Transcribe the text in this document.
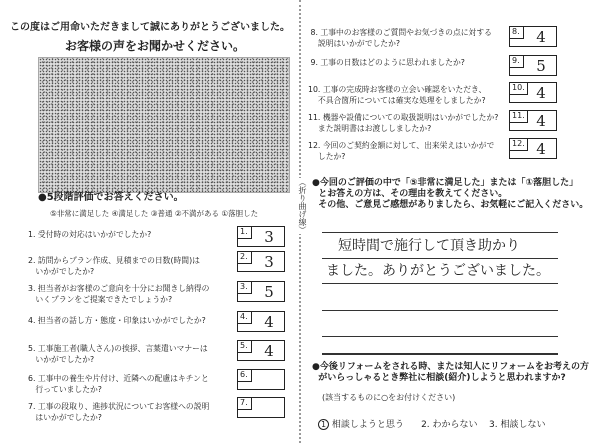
この度はご用命いただきまして誠にありがとうございました。
お客様の声をお聞かせください。
●5段階評価でお答えください。
⑤非常に満足した ④満足した ③普通 ②不満がある ①落胆した	（折り曲げ線）
1. 受付時の対応はいかがでしたか?	1.	3
2. 訪問からプラン作成、見積までの日数(時間)は
いかがでしたか?
2.	3
3. 担当者がお客様のご意向を十分にお聞きし納得の
いくプランをご提案できたでしょうか?
3.	5
4. 担当者の話し方・態度・印象はいかがでしたか?	4.	4
5. 工事施工者(職人さん)の挨拶、言葉遣いマナーは
いかがでしたか?
5.	4
6. 工事中の養生や片付け、近隣への配慮はキチンと
行っていましたか?
6.
7. 工事の段取り、進捗状況についてお客様への説明
はいかがでしたか?
7.
8. 工事中のお客様のご質問やお気づきの点に対する
説明はいかがでしたか?
8.	4
9. 工事の日数はどのように思われましたか?	9.	5
10. 工事の完成時お客様の立会い確認をいただき、
不具合箇所については確実な処理をしましたか?
10. 4
11. 機器や設備についての取扱説明はいかがでしたか?
また説明書はお渡ししましたか?
11. 4
12. 今回のご契約金額に対して、出来栄えはいかがで
したか?
12. 4
●今回のご評価の中で「⑤非常に満足した」または「①落胆した」
とお答えの方は、その理由を教えてください。
その他、ご意見ご感想がありましたら、お気軽にご記入ください。
短時間で施行して頂き助かり
ました。ありがとうございました。
●今後リフォームをされる時、または知人にリフォームをお考えの方
がいらっしゃるとき弊社に相談(紹介)しようと思われますか?
(該当するものに○をお付けください)

1 相談しようと思う 2. わからない 3. 相談しない
